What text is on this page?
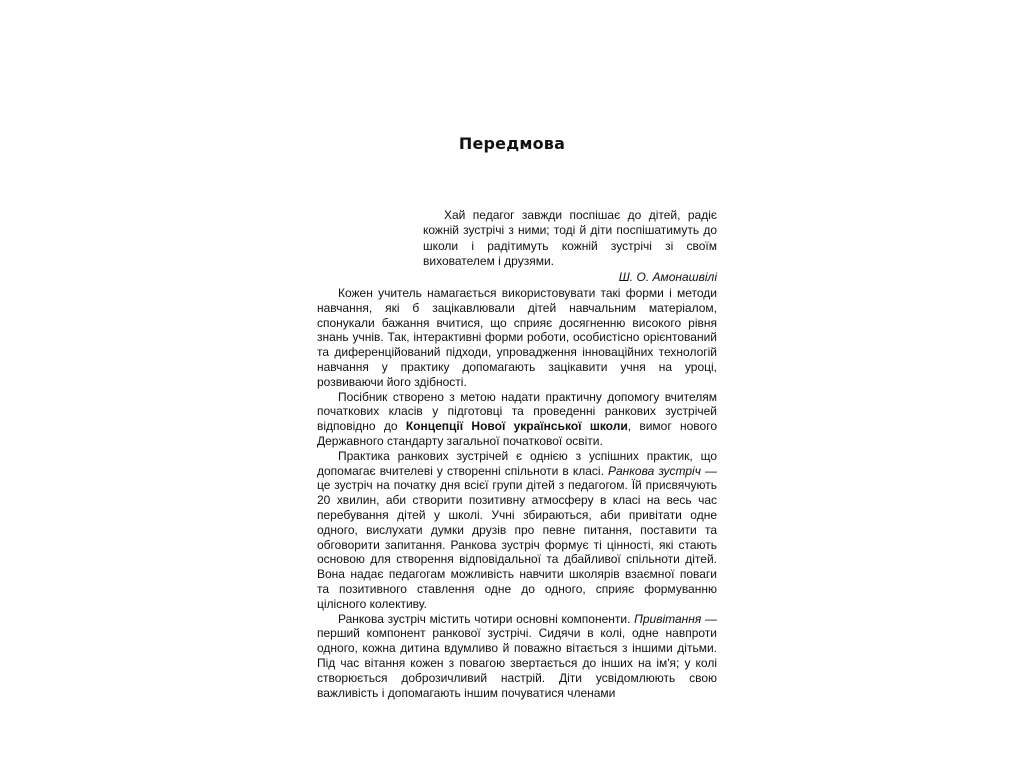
Передмова

Хай педагог завжди поспішає до дітей, радіє кожній зустрічі з ними; тоді й діти поспішатимуть до школи і радітимуть кожній зустрічі зі своїм вихователем і друзями.

Ш. О. Амонашвілі

Кожен учитель намагається використовувати такі форми і методи навчання, які б зацікавлювали дітей навчальним матеріалом, спонукали бажання вчитися, що сприяє досягненню високого рівня знань учнів. Так, інтерактивні форми роботи, особистісно орієнтований та диференційований підходи, упровадження інноваційних технологій навчання у практику допомагають зацікавити учня на уроці, розвиваючи його здібності.

Посібник створено з метою надати практичну допомогу вчителям початкових класів у підготовці та проведенні ранкових зустрічей відповідно до Концепції Нової української школи, вимог нового Державного стандарту загальної початкової освіти.

Практика ранкових зустрічей є однією з успішних практик, що допомагає вчителеві у створенні спільноти в класі. Ранкова зустріч — це зустріч на початку дня всієї групи дітей з педагогом. Їй присвячують 20 хвилин, аби створити позитивну атмосферу в класі на весь час перебування дітей у школі. Учні збираються, аби привітати одне одного, вислухати думки друзів про певне питання, поставити та обговорити запитання. Ранкова зустріч формує ті цінності, які стають основою для створення відповідальної та дбайливої спільноти дітей. Вона надає педагогам можливість навчити школярів взаємної поваги та позитивного ставлення одне до одного, сприяє формуванню цілісного колективу.

Ранкова зустріч містить чотири основні компоненти. Привітання — перший компонент ранкової зустрічі. Сидячи в колі, одне навпроти одного, кожна дитина вдумливо й поважно вітається з іншими дітьми. Під час вітання кожен з повагою звертається до інших на ім'я; у колі створюється доброзичливий настрій. Діти усвідомлюють свою важливість і допомагають іншим почуватися членами
